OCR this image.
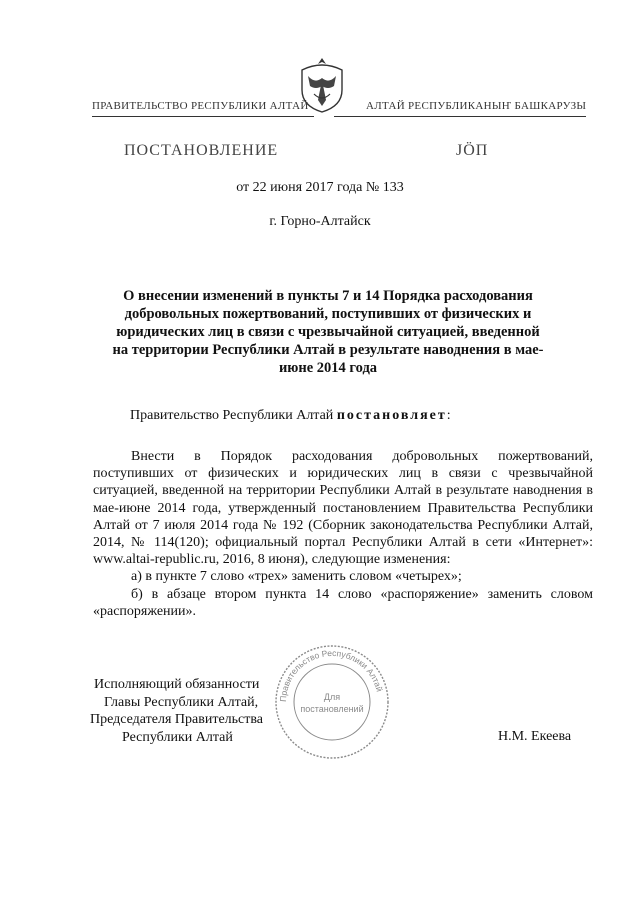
ПРАВИТЕЛЬСТВО РЕСПУБЛИКИ АЛТАЙ	АЛТАЙ РЕСПУБЛИКАНЫҤ БАШКАРУЗЫ
ПОСТАНОВЛЕНИЕ	JÖП
от 22 июня 2017 года № 133
г. Горно-Алтайск
О внесении изменений в пункты 7 и 14 Порядка расходования добровольных пожертвований, поступивших от физических и юридических лиц в связи с чрезвычайной ситуацией, введенной на территории Республики Алтай в результате наводнения в мае-июне 2014 года
Правительство Республики Алтай постановляет:

Внести в Порядок расходования добровольных пожертвований, поступивших от физических и юридических лиц в связи с чрезвычайной ситуацией, введенной на территории Республики Алтай в результате наводнения в мае-июне 2014 года, утвержденный постановлением Правительства Республики Алтай от 7 июля 2014 года № 192 (Сборник законодательства Республики Алтай, 2014, № 114(120); официальный портал Республики Алтай в сети «Интернет»: www.altai-republic.ru, 2016, 8 июня), следующие изменения:

а) в пункте 7 слово «трех» заменить словом «четырех»;

б) в абзаце втором пункта 14 слово «распоряжение» заменить словом «распоряжении».

Исполняющий обязанности
Главы Республики Алтай,
Председателя Правительства
Республики Алтай	Н.М. Екеева
Правительство Республики Алтай
Для
постановлений
